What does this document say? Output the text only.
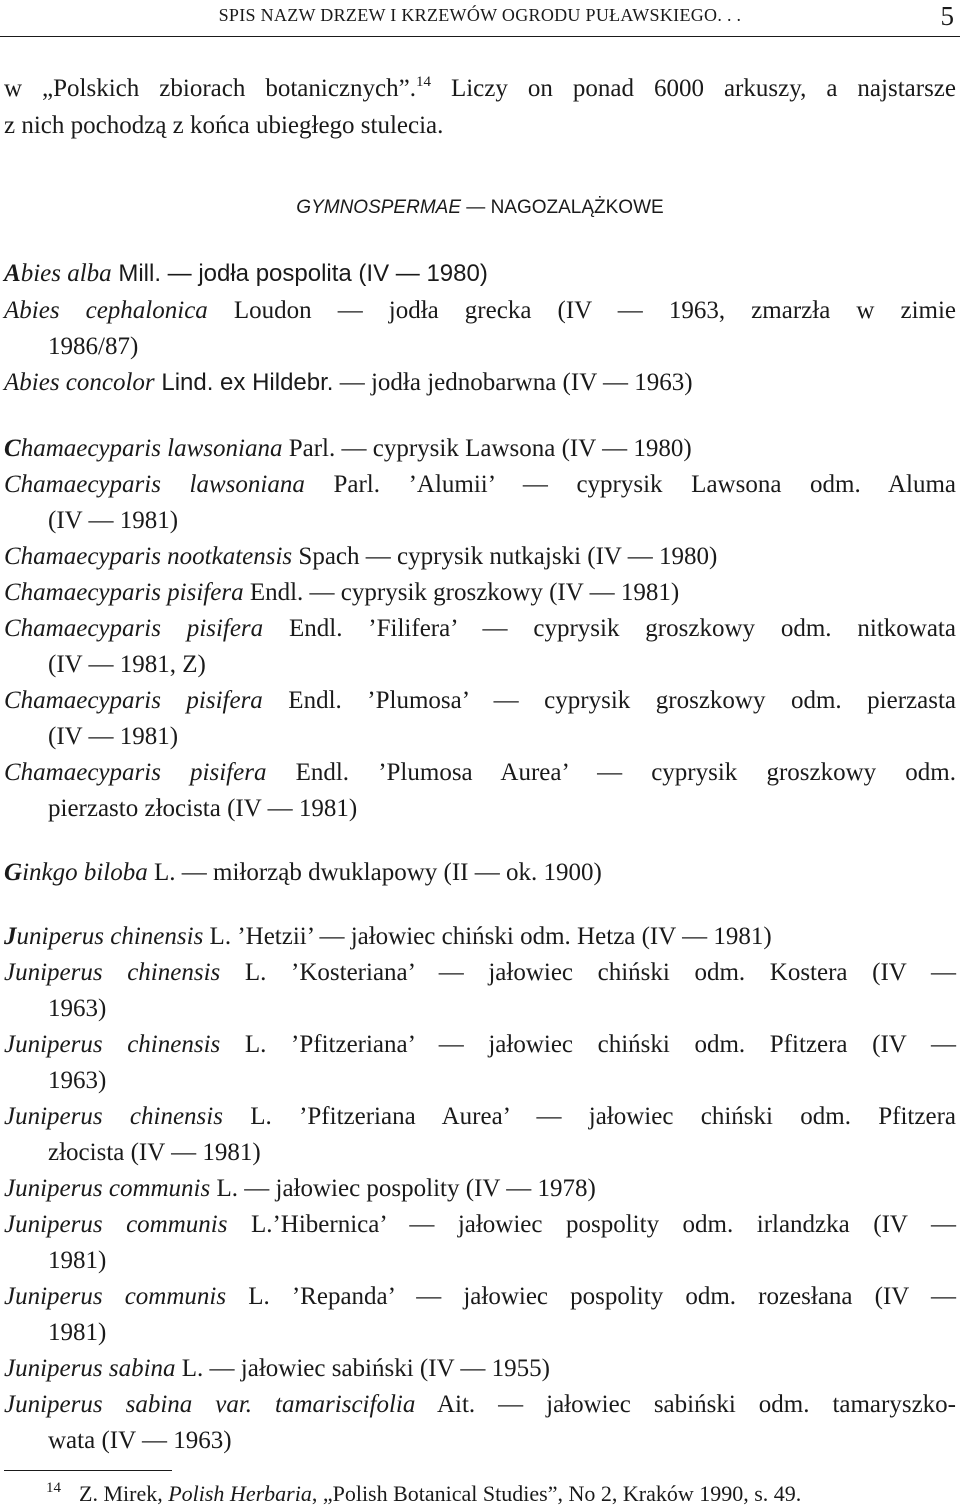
SPIS NAZW DRZEW I KRZEWÓW OGRODU PUŁAWSKIEGO. . .	5
w „Polskich zbiorach botanicznych”.$^{14}$ Liczy on ponad 6000 arkuszy, a najstarsze
z nich pochodzą z końca ubiegłego stulecia.
GYMNOSPERMAE — NAGOZALĄŻKOWE
Abies alba Mill. — jodła pospolita (IV — 1980)
Abies cephalonica Loudon — jodła grecka (IV — 1963, zmarzła w zimie
1986/87)
Abies concolor Lind. ex Hildebr. — jodła jednobarwna (IV — 1963)
Chamaecyparis lawsoniana Parl. — cyprysik Lawsona (IV — 1980)
Chamaecyparis lawsoniana Parl. ’Alumii’ — cyprysik Lawsona odm. Aluma
(IV — 1981)
Chamaecyparis nootkatensis Spach — cyprysik nutkajski (IV — 1980)
Chamaecyparis pisifera Endl. — cyprysik groszkowy (IV — 1981)
Chamaecyparis pisifera Endl. ’Filifera’ — cyprysik groszkowy odm. nitkowata
(IV — 1981, Z)
Chamaecyparis pisifera Endl. ’Plumosa’ — cyprysik groszkowy odm. pierzasta
(IV — 1981)
Chamaecyparis pisifera Endl. ’Plumosa Aurea’ — cyprysik groszkowy odm.
pierzasto złocista (IV — 1981)
Ginkgo biloba L. — miłorząb dwuklapowy (II — ok. 1900)
Juniperus chinensis L. ’Hetzii’ — jałowiec chiński odm. Hetza (IV — 1981)
Juniperus chinensis L. ’Kosteriana’ — jałowiec chiński odm. Kostera (IV —
1963)
Juniperus chinensis L. ’Pfitzeriana’ — jałowiec chiński odm. Pfitzera (IV —
1963)
Juniperus chinensis L. ’Pfitzeriana Aurea’ — jałowiec chiński odm. Pfitzera
złocista (IV — 1981)
Juniperus communis L. — jałowiec pospolity (IV — 1978)
Juniperus communis L.’Hibernica’ — jałowiec pospolity odm. irlandzka (IV —
1981)
Juniperus communis L. ’Repanda’ — jałowiec pospolity odm. rozesłana (IV —
1981)
Juniperus sabina L. — jałowiec sabiński (IV — 1955)
Juniperus sabina var. tamariscifolia Ait. — jałowiec sabiński odm. tamaryszko-
wata (IV — 1963)
$^{14}$ Z. Mirek, Polish Herbaria, „Polish Botanical Studies”, No 2, Kraków 1990, s. 49.
